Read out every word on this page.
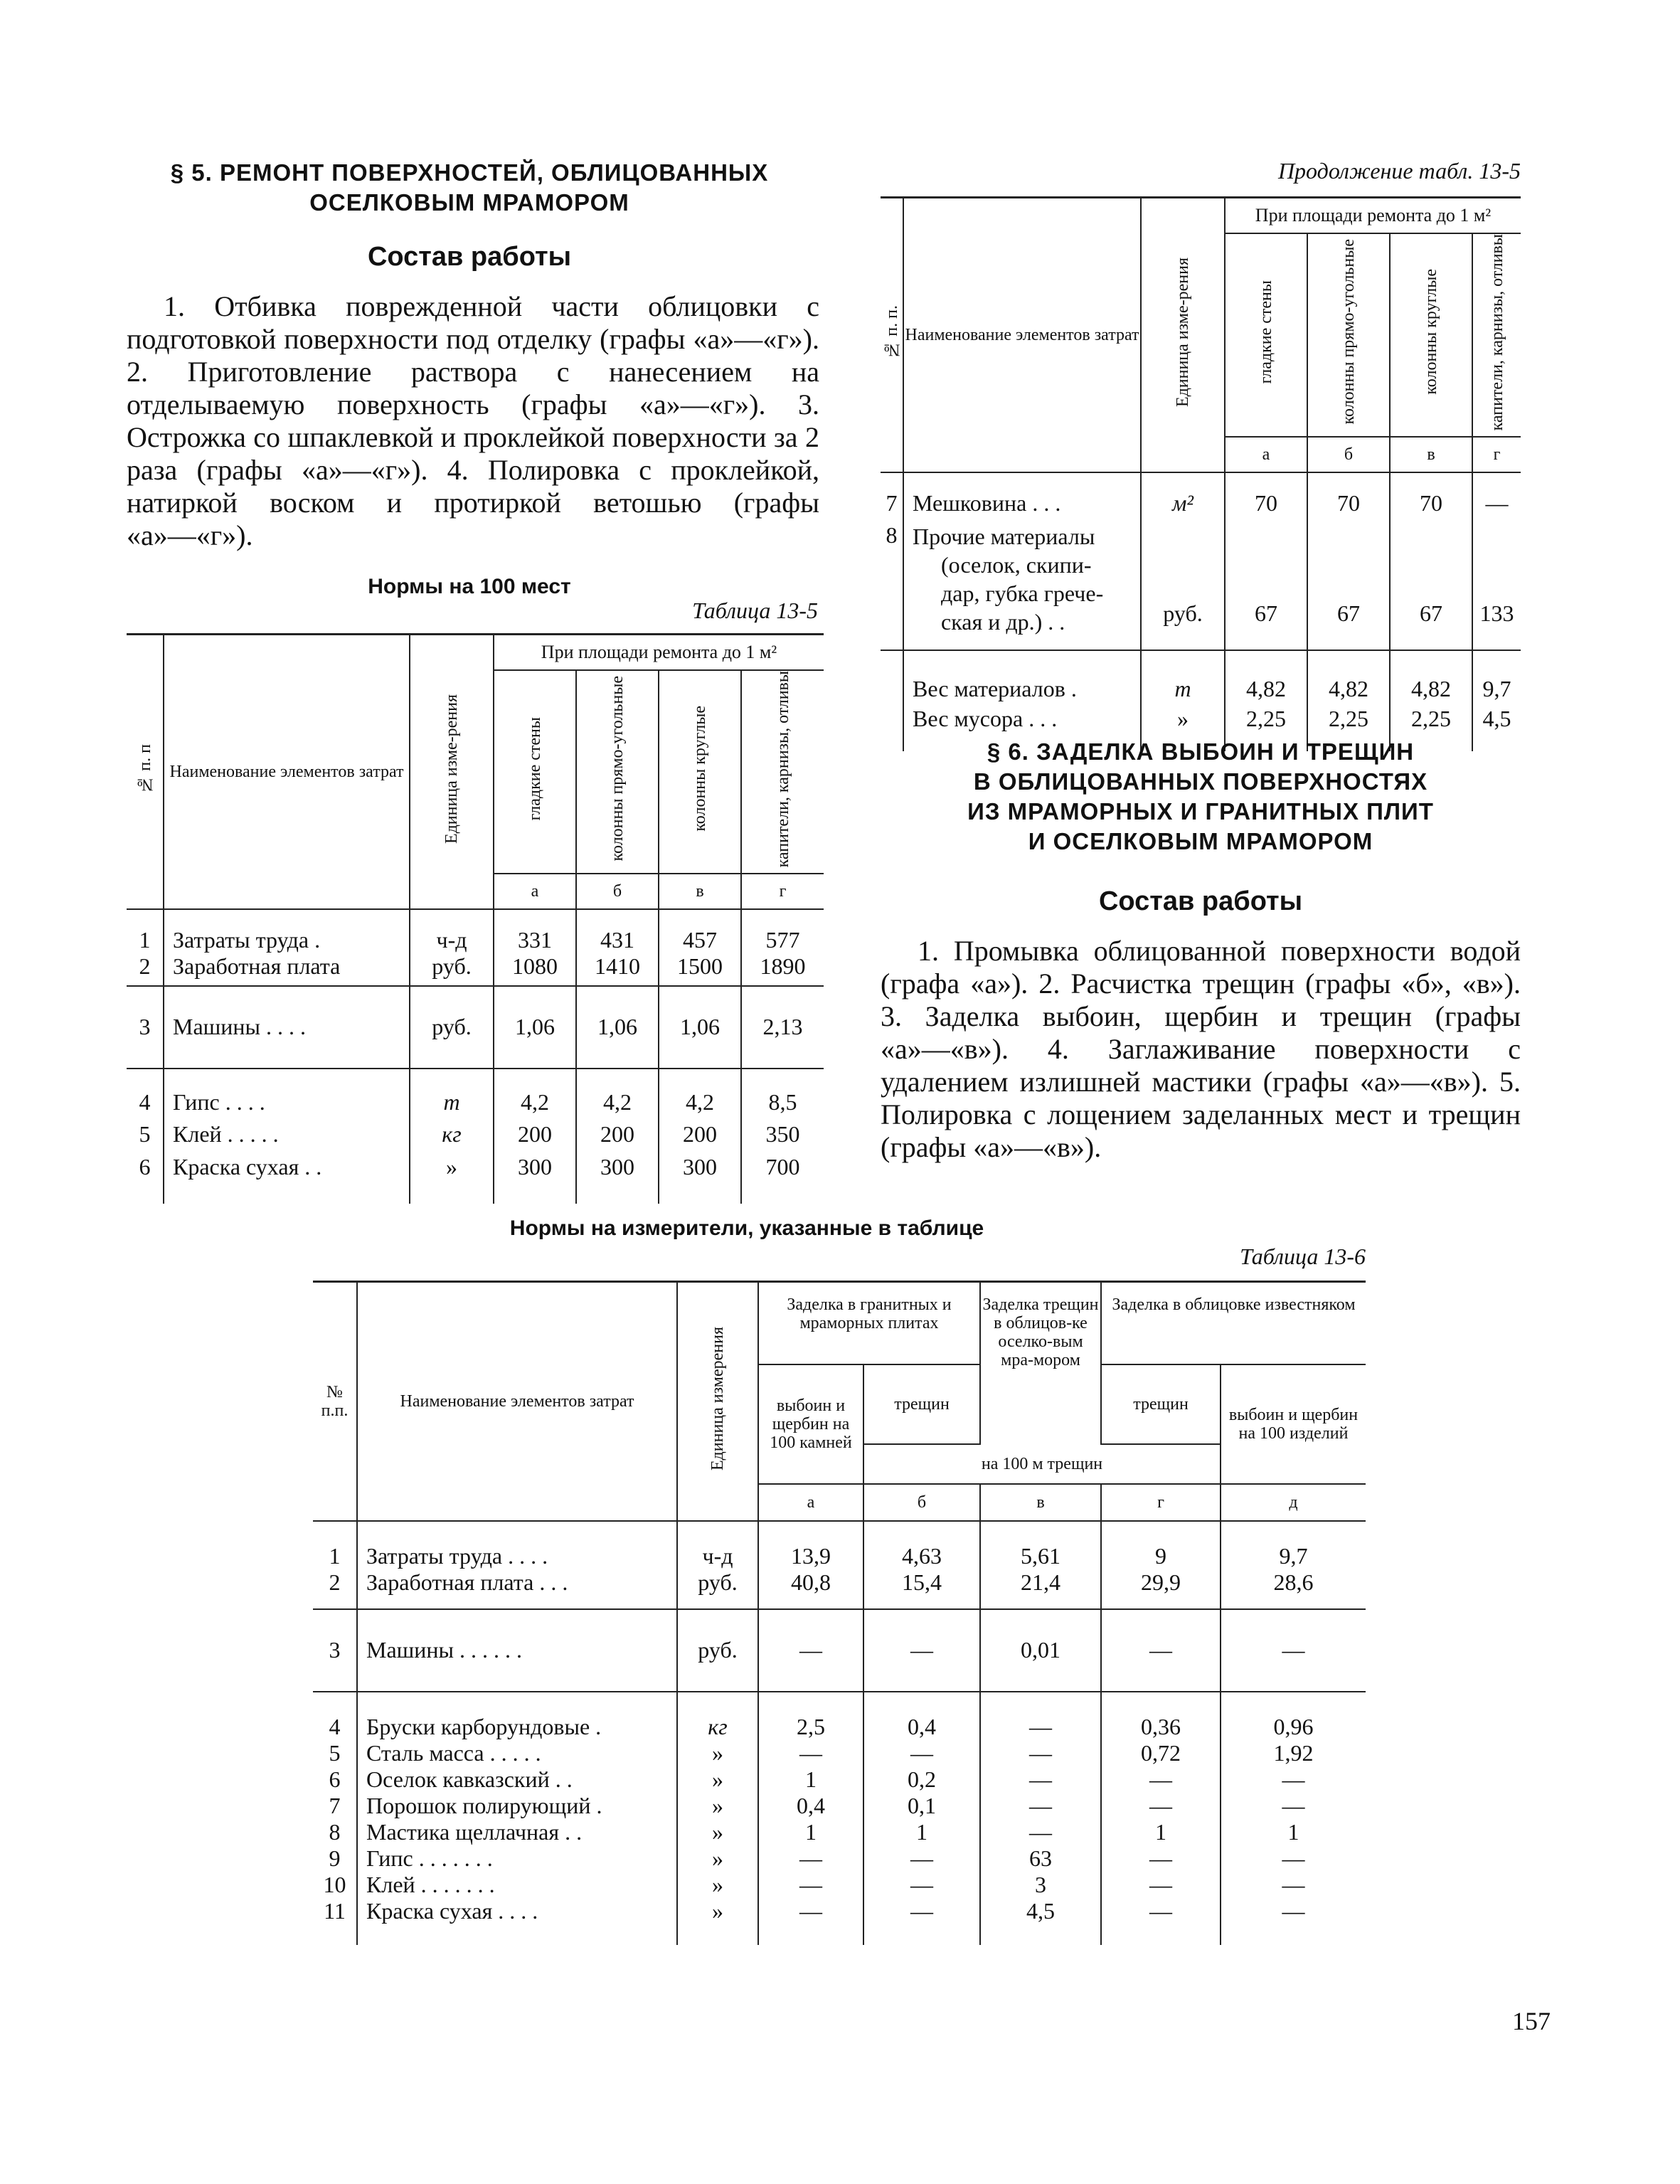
§ 5. РЕМОНТ ПОВЕРХНОСТЕЙ, ОБЛИЦОВАННЫХ
ОСЕЛКОВЫМ МРАМОРОМ
Состав работы
1. Отбивка поврежденной части облицовки с подготовкой поверхности под отделку (графы «а»—«г»). 2. Приготовление раствора с нанесением на отделываемую поверхность (графы «а»—«г»). 3. Острожка со шпаклевкой и проклейкой поверхности за 2 раза (графы «а»—«г»). 4. Полировка с проклейкой, натиркой воском и протиркой ветошью (графы «а»—«г»).
Нормы на 100 мест
Таблица 13-5
№ п. п	Наименование элементов затрат	Единица изме-рения	При площади ремонта до 1 м²			
			гладкие стены	колонны прямо-угольные	колонны круглые	капители, карнизы, отливы
			а	б	в	г
1	Затраты труда .	ч-д	331	431	457	577
2	Заработная плата	руб.	1080	1410	1500	1890
3	Машины . . . .	руб.	1,06	1,06	1,06	2,13
4	Гипс . . . .	т	4,2	4,2	4,2	8,5
5	Клей . . . . .	кг	200	200	200	350
6	Краска сухая . .	»	300	300	300	700
Продолжение табл. 13-5
№ п. п.	Наименование элементов затрат	Единица изме-рения	При площади ремонта до 1 м²			
			гладкие стены	колонны прямо-угольные	колонны круглые	капители, карнизы, отливы
			а	б	в	г
7	Мешковина . . .	м²	70	70	70	—
8	Прочие материалы
(оселок, скипи-
дар, губка грече-
ская и др.) . .	руб.	67	67	67	133
	Вес материалов .	т	4,82	4,82	4,82	9,7
	Вес мусора . . .	»	2,25	2,25	2,25	4,5
§ 6. ЗАДЕЛКА ВЫБОИН И ТРЕЩИН
В ОБЛИЦОВАННЫХ ПОВЕРХНОСТЯХ
ИЗ МРАМОРНЫХ И ГРАНИТНЫХ ПЛИТ
И ОСЕЛКОВЫМ МРАМОРОМ
Состав работы
1. Промывка облицованной поверхности водой (графа «а»). 2. Расчистка трещин (графы «б», «в»). 3. Заделка выбоин, щербин и трещин (графы «а»—«в»). 4. Заглаживание поверхности с удалением излишней мастики (графы «а»—«в»). 5. Полировка с лощением заделанных мест и трещин (графы «а»—«в»).
Нормы на измерители, указанные в таблице
Таблица 13-6
№ п.п.	Наименование элементов затрат	Единица измерения	Заделка в гранитных и мраморных плитах		Заделка трещин в облицов-ке оселко-вым мра-мором	Заделка в облицовке известняком	
			выбоин и щербин на 100 камней	трещин		трещин	выбоин и щербин на 100 изделий
				на 100 м трещин			
			а	б	в	г	д
1	Затраты труда . . . .	ч-д	13,9	4,63	5,61	9	9,7
2	Заработная плата . . .	руб.	40,8	15,4	21,4	29,9	28,6
3	Машины . . . . . .	руб.	—	—	0,01	—	—
4	Бруски карборундовые .	кг	2,5	0,4	—	0,36	0,96
5	Сталь масса . . . . .	»	—	—	—	0,72	1,92
6	Оселок кавказский . .	»	1	0,2	—	—	—
7	Порошок полирующий .	»	0,4	0,1	—	—	—
8	Мастика щеллачная . .	»	1	1	—	1	1
9	Гипс . . . . . . .	»	—	—	63	—	—
10	Клей . . . . . . .	»	—	—	3	—	—
11	Краска сухая . . . .	»	—	—	4,5	—	—
157
